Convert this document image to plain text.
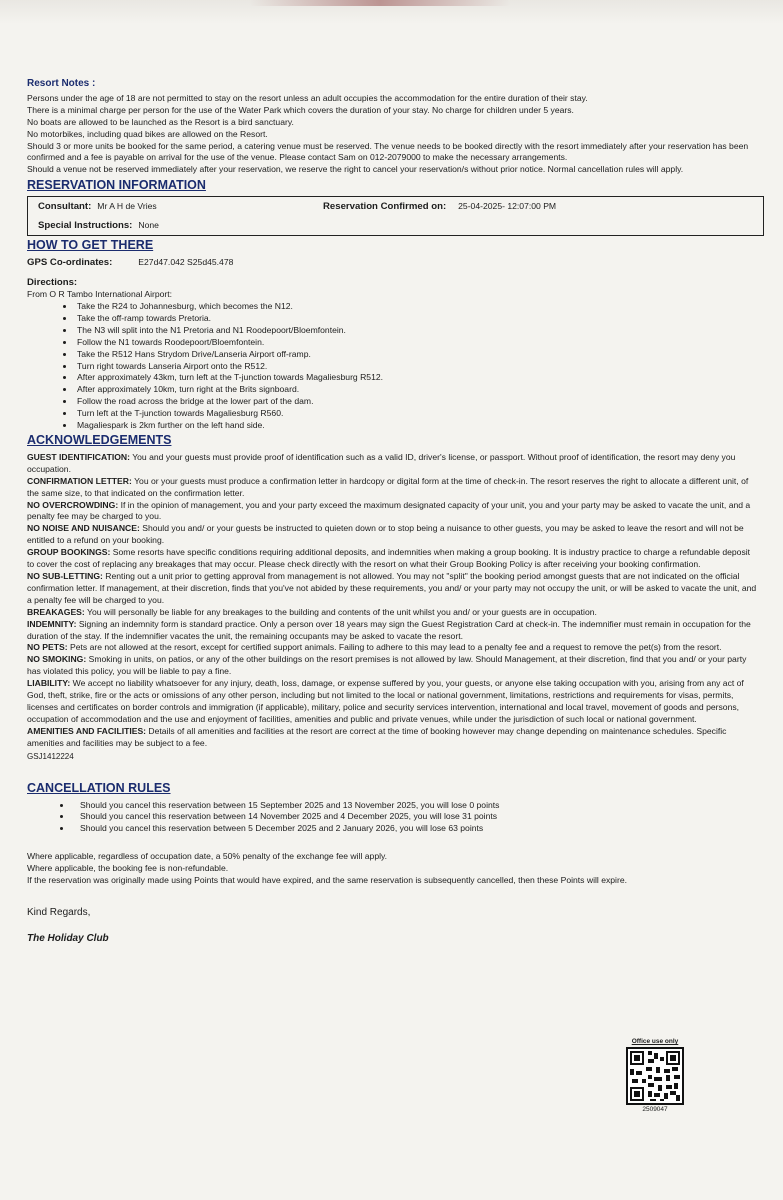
Resort Notes :

Persons under the age of 18 are not permitted to stay on the resort unless an adult occupies the accommodation for the entire duration of their stay.

There is a minimal charge per person for the use of the Water Park which covers the duration of your stay. No charge for children under 5 years.

No boats are allowed to be launched as the Resort is a bird sanctuary.

No motorbikes, including quad bikes are allowed on the Resort.

Should 3 or more units be booked for the same period, a catering venue must be reserved. The venue needs to be booked directly with the resort immediately after your reservation has been confirmed and a fee is payable on arrival for the use of the venue. Please contact Sam on 012-2079000 to make the necessary arrangements.

Should a venue not be reserved immediately after your reservation, we reserve the right to cancel your reservation/s without prior notice. Normal cancellation rules will apply.

RESERVATION INFORMATION
Consultant: Mr A H de Vries	Reservation Confirmed on: 25-04-2025- 12:07:00 PM
Special Instructions: None
HOW TO GET THERE
GPS Co-ordinates:	E27d47.042 S25d45.478
Directions:

From O R Tambo International Airport:

• Take the R24 to Johannesburg, which becomes the N12.
• Take the off-ramp towards Pretoria.
• The N3 will split into the N1 Pretoria and N1 Roodepoort/Bloemfontein.
• Follow the N1 towards Roodepoort/Bloemfontein.
• Take the R512 Hans Strydom Drive/Lanseria Airport off-ramp.
• Turn right towards Lanseria Airport onto the R512.
• After approximately 43km, turn left at the T-junction towards Magaliesburg R512.
• After approximately 10km, turn right at the Brits signboard.
• Follow the road across the bridge at the lower part of the dam.
• Turn left at the T-junction towards Magaliesburg R560.
• Magaliespark is 2km further on the left hand side.
ACKNOWLEDGEMENTS

GUEST IDENTIFICATION: You and your guests must provide proof of identification such as a valid ID, driver's license, or passport. Without proof of identification, the resort may deny you occupation.

CONFIRMATION LETTER: You or your guests must produce a confirmation letter in hardcopy or digital form at the time of check-in. The resort reserves the right to allocate a different unit, of the same size, to that indicated on the confirmation letter.

NO OVERCROWDING: If in the opinion of management, you and your party exceed the maximum designated capacity of your unit, you and your party may be asked to vacate the unit, and a penalty fee may be charged to you.

NO NOISE AND NUISANCE: Should you and/ or your guests be instructed to quieten down or to stop being a nuisance to other guests, you may be asked to leave the resort and will not be entitled to a refund on your booking.

GROUP BOOKINGS: Some resorts have specific conditions requiring additional deposits, and indemnities when making a group booking. It is industry practice to charge a refundable deposit to cover the cost of replacing any breakages that may occur. Please check directly with the resort on what their Group Booking Policy is after receiving your booking confirmation.

NO SUB-LETTING: Renting out a unit prior to getting approval from management is not allowed. You may not "split" the booking period amongst guests that are not indicated on the official confirmation letter. If management, at their discretion, finds that you've not abided by these requirements, you and/ or your party may not occupy the unit, or will be asked to vacate the unit, and a penalty fee will be charged to you.

BREAKAGES: You will personally be liable for any breakages to the building and contents of the unit whilst you and/ or your guests are in occupation.

INDEMNITY: Signing an indemnity form is standard practice. Only a person over 18 years may sign the Guest Registration Card at check-in. The indemnifier must remain in occupation for the duration of the stay. If the indemnifier vacates the unit, the remaining occupants may be asked to vacate the resort.

NO PETS: Pets are not allowed at the resort, except for certified support animals. Failing to adhere to this may lead to a penalty fee and a request to remove the pet(s) from the resort.

NO SMOKING: Smoking in units, on patios, or any of the other buildings on the resort premises is not allowed by law. Should Management, at their discretion, find that you and/ or your party has violated this policy, you will be liable to pay a fine.

LIABILITY: We accept no liability whatsoever for any injury, death, loss, damage, or expense suffered by you, your guests, or anyone else taking occupation with you, arising from any act of God, theft, strike, fire or the acts or omissions of any other person, including but not limited to the local or national government, limitations, restrictions and requirements for visas, permits, licenses and certificates on border controls and immigration (if applicable), military, police and security services intervention, international and local travel, movement of goods and persons, occupation of accommodation and the use and enjoyment of facilities, amenities and public and private venues, while under the jurisdiction of such local or national government.

AMENITIES AND FACILITIES: Details of all amenities and facilities at the resort are correct at the time of booking however may change depending on maintenance schedules. Specific amenities and facilities may be subject to a fee.

GSJ1412224
CANCELLATION RULES
• Should you cancel this reservation between 15 September 2025 and 13 November 2025, you will lose 0 points
• Should you cancel this reservation between 14 November 2025 and 4 December 2025, you will lose 31 points
• Should you cancel this reservation between 5 December 2025 and 2 January 2026, you will lose 63 points

Where applicable, regardless of occupation date, a 50% penalty of the exchange fee will apply.

Where applicable, the booking fee is non-refundable.

If the reservation was originally made using Points that would have expired, and the same reservation is subsequently cancelled, then these Points will expire.

Kind Regards,
The Holiday Club
Office use only
2509047
